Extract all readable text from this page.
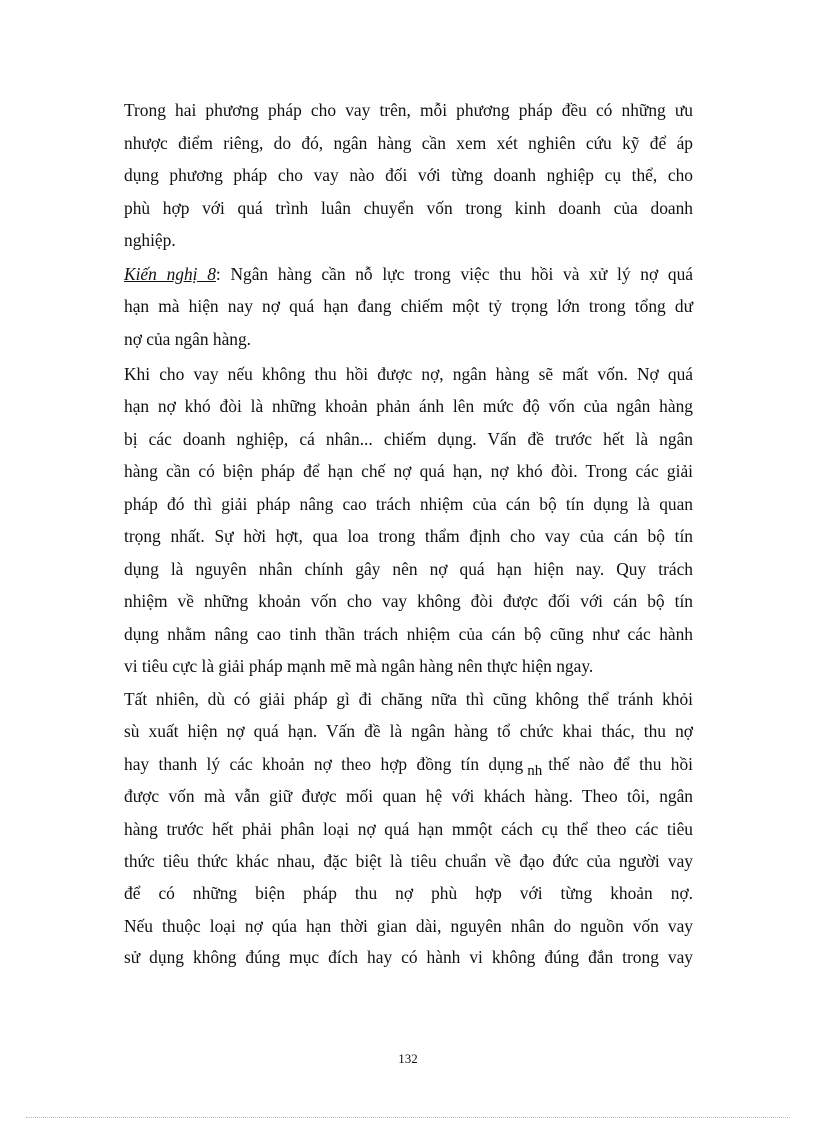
Trong hai phương pháp cho vay trên, mỗi phương pháp đều có những ưu
nhược điểm riêng, do đó, ngân hàng cần xem xét nghiên cứu kỹ để áp
dụng phương pháp cho vay nào đối với từng doanh nghiệp cụ thể, cho
phù hợp với quá trình luân chuyển vốn trong kinh doanh của doanh
nghiệp.
Kiến nghị 8: Ngân hàng cần nỗ lực trong việc thu hồi và xử lý nợ quá
hạn mà hiện nay nợ quá hạn đang chiếm một tỷ trọng lớn trong tổng dư
nợ của ngân hàng.
Khi cho vay nếu không thu hồi được nợ, ngân hàng sẽ mất vốn. Nợ quá
hạn nợ khó đòi là những khoản phản ánh lên mức độ vốn của ngân hàng
bị các doanh nghiệp, cá nhân... chiếm dụng. Vấn đề trước hết là ngân
hàng cần có biện pháp để hạn chế nợ quá hạn, nợ khó đòi. Trong các giải
pháp đó thì giải pháp nâng cao trách nhiệm của cán bộ tín dụng là quan
trọng nhất. Sự hời hợt, qua loa trong thẩm định cho vay của cán bộ tín
dụng là nguyên nhân chính gây nên nợ quá hạn hiện nay. Quy trách
nhiệm về những khoản vốn cho vay không đòi được đối với cán bộ tín
dụng nhằm nâng cao tinh thần trách nhiệm của cán bộ cũng như các hành
vi tiêu cực là giải pháp mạnh mẽ mà ngân hàng nên thực hiện ngay.
Tất nhiên, dù có giải pháp gì đi chăng nữa thì cũng không thể tránh khỏi
sù xuất hiện nợ quá hạn. Vấn đề là ngân hàng tổ chức khai thác, thu nợ
hay thanh lý các khoản nợ theo hợp đồng tín dụng nh thế nào để thu hồi
được vốn mà vẫn giữ được mối quan hệ với khách hàng. Theo tôi, ngân
hàng trước hết phải phân loại nợ quá hạn mmột cách cụ thể theo các tiêu
thức tiêu thức khác nhau, đặc biệt là tiêu chuẩn về đạo đức của người vay
để có những biện pháp thu nợ phù hợp với từng khoản nợ.
Nếu thuộc loại nợ qúa hạn thời gian dài, nguyên nhân do nguồn vốn vay
sử dụng không đúng mục đích hay có hành vi không đúng đắn trong vay
132
